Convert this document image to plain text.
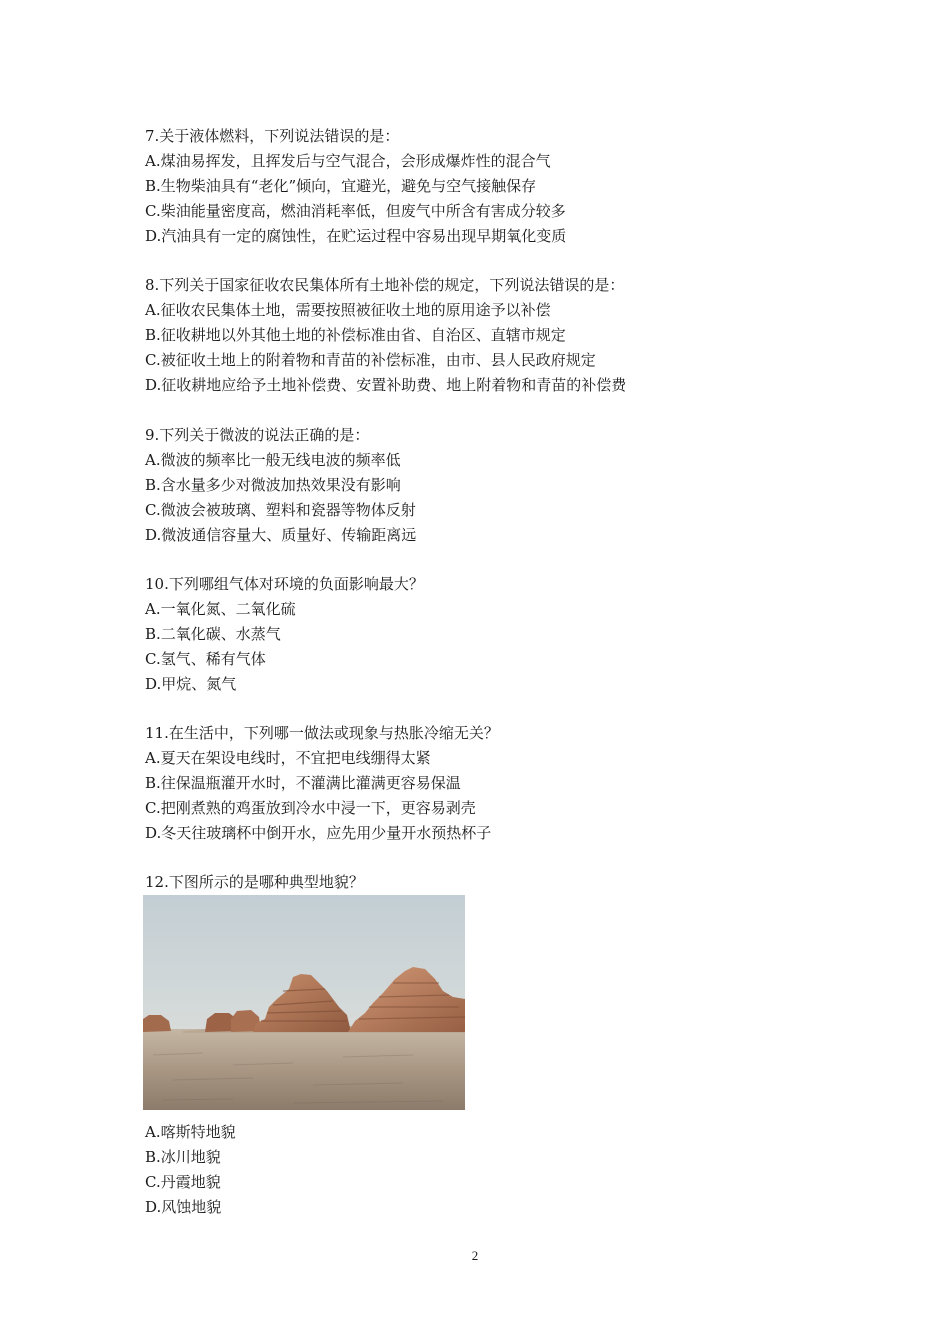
7.关于液体燃料，下列说法错误的是：
A.煤油易挥发，且挥发后与空气混合，会形成爆炸性的混合气
B.生物柴油具有“老化”倾向，宜避光，避免与空气接触保存
C.柴油能量密度高，燃油消耗率低，但废气中所含有害成分较多
D.汽油具有一定的腐蚀性，在贮运过程中容易出现早期氧化变质
8.下列关于国家征收农民集体所有土地补偿的规定，下列说法错误的是：
A.征收农民集体土地，需要按照被征收土地的原用途予以补偿
B.征收耕地以外其他土地的补偿标准由省、自治区、直辖市规定
C.被征收土地上的附着物和青苗的补偿标准，由市、县人民政府规定
D.征收耕地应给予土地补偿费、安置补助费、地上附着物和青苗的补偿费
9.下列关于微波的说法正确的是：
A.微波的频率比一般无线电波的频率低
B.含水量多少对微波加热效果没有影响
C.微波会被玻璃、塑料和瓷器等物体反射
D.微波通信容量大、质量好、传输距离远
10.下列哪组气体对环境的负面影响最大？
A.一氧化氮、二氧化硫
B.二氧化碳、水蒸气
C.氢气、稀有气体
D.甲烷、氮气
11.在生活中，下列哪一做法或现象与热胀冷缩无关？
A.夏天在架设电线时，不宜把电线绷得太紧
B.往保温瓶灌开水时，不灌满比灌满更容易保温
C.把刚煮熟的鸡蛋放到冷水中浸一下，更容易剥壳
D.冬天往玻璃杯中倒开水，应先用少量开水预热杯子
12.下图所示的是哪种典型地貌？
A.喀斯特地貌
B.冰川地貌
C.丹霞地貌
D.风蚀地貌
2
